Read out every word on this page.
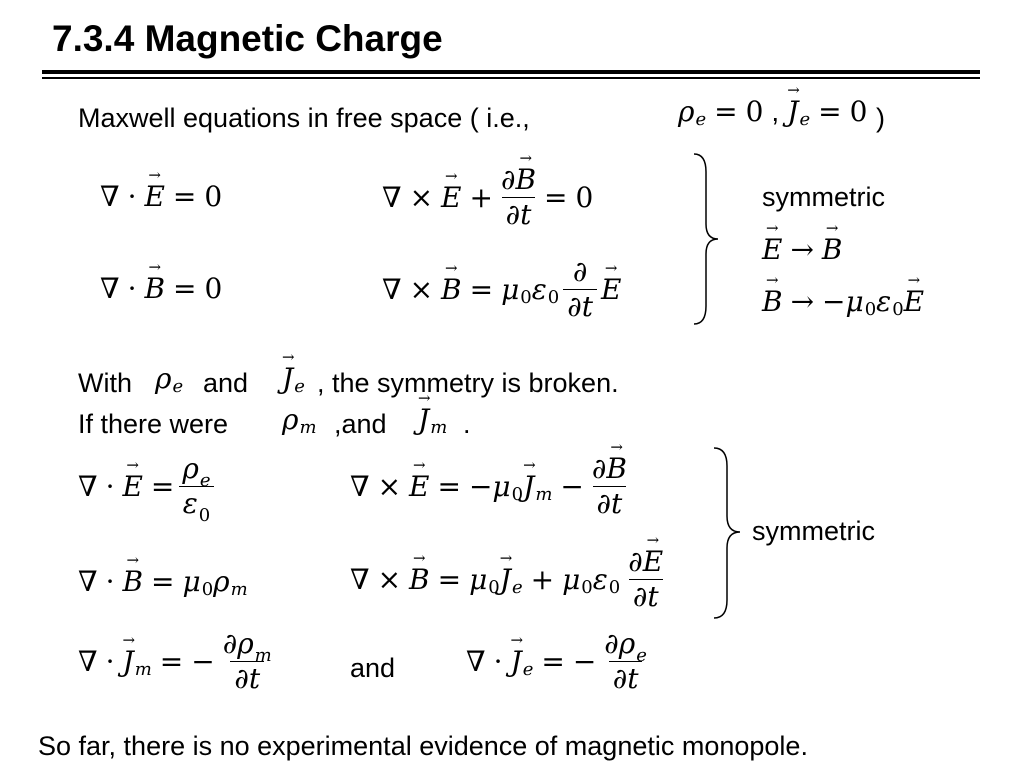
7.3.4 Magnetic Charge
Maxwell equations in free space ( i.e.,	ρ e = 0 ,
→ J e = 0 )
∇ ·
→ E = 0
∇ ·
→ B = 0
∇ ×
→ $E + \frac{\partial\to B}{\partial t} = 0$
∇ ×
→ B = μ 0 ε $0 \frac{\partial}{\partial t}$
→ E
symmetric
→ E →
→ B
→ B → − μ 0 ε 0
→ E
With ρ e and
→ J e , the symmetry is broken.
If there were ρ m ,and
→ J m .
∇ ·
→ $E = \frac{\rho_e}{\varepsilon_0}$	∇ ×
→ E = − μ 0
→ J $m - \frac{\partial\to B}{\partial t}$
∇ ·
→ B = μ 0 ρ m	∇ ×
→ B = μ 0
→ J e + μ 0 ε $0 \frac{\partial\to E}{\partial t}$
symmetric
∇ ·
→ J m = − $\frac{\partial\rho_m}{\partial t}$	and	∇ ·
→ J e = − $\frac{\partial\rho_e}{\partial t}$
So far, there is no experimental evidence of magnetic monopole.
